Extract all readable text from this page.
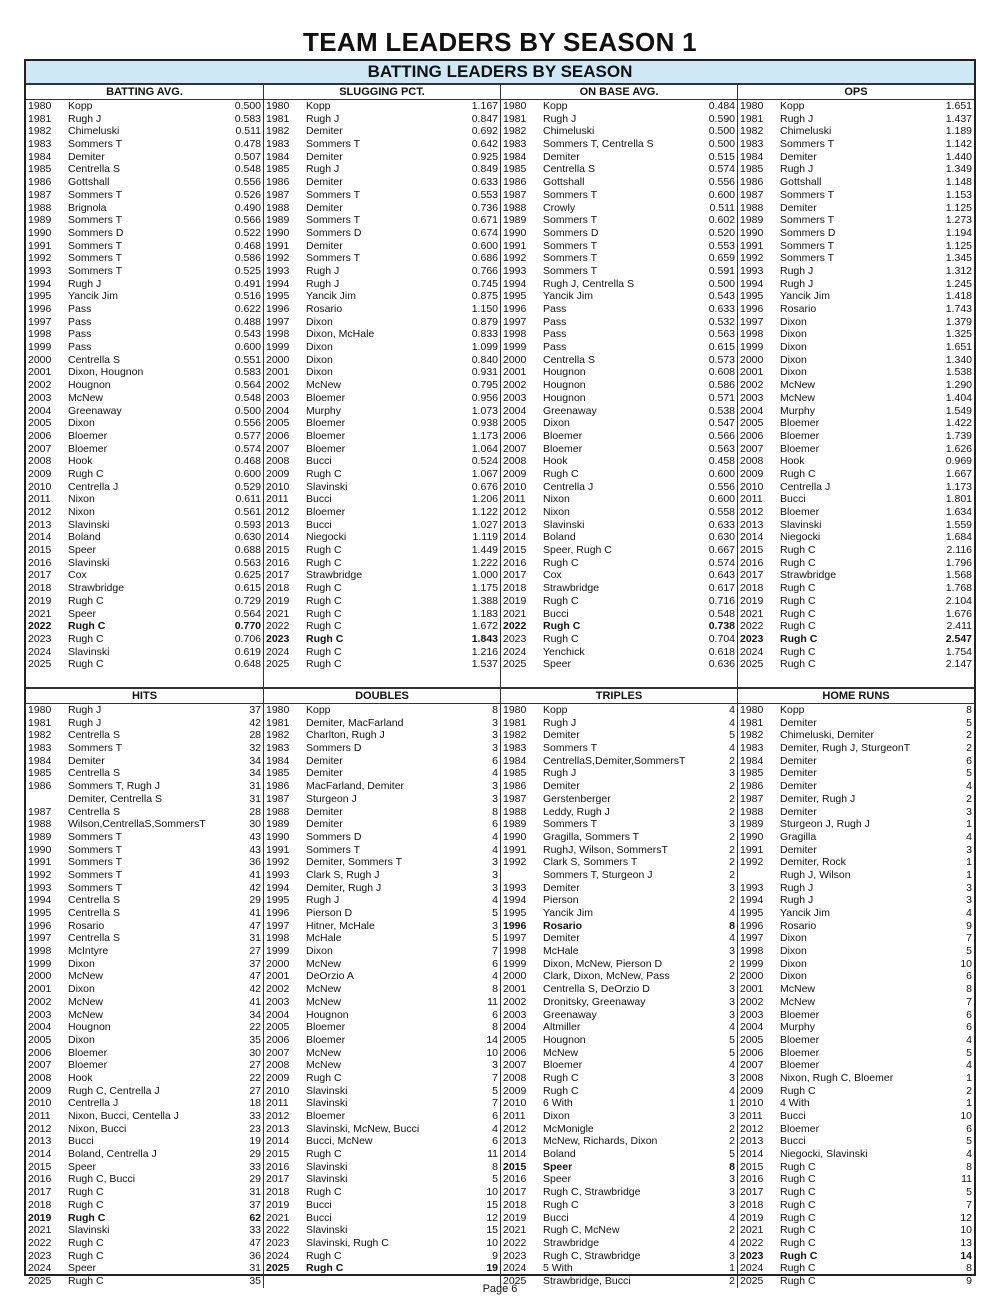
TEAM LEADERS BY SEASON 1
BATTING LEADERS BY SEASON
BATTING AVG.
1980	Kopp	0.500
1981	Rugh J	0.583
1982	Chimeluski	0.511
1983	Sommers T	0.478
1984	Demiter	0.507
1985	Centrella S	0.548
1986	Gottshall	0.556
1987	Sommers T	0.526
1988	Brignola	0.490
1989	Sommers T	0.566
1990	Sommers D	0.522
1991	Sommers T	0.468
1992	Sommers T	0.586
1993	Sommers T	0.525
1994	Rugh J	0.491
1995	Yancik Jim	0.516
1996	Pass	0.622
1997	Pass	0.488
1998	Pass	0.543
1999	Pass	0.600
2000	Centrella S	0.551
2001	Dixon, Hougnon	0.583
2002	Hougnon	0.564
2003	McNew	0.548
2004	Greenaway	0.500
2005	Dixon	0.556
2006	Bloemer	0.577
2007	Bloemer	0.574
2008	Hook	0.468
2009	Rugh C	0.600
2010	Centrella J	0.529
2011	Nixon	0.611
2012	Nixon	0.561
2013	Slavinski	0.593
2014	Boland	0.630
2015	Speer	0.688
2016	Slavinski	0.563
2017	Cox	0.625
2018	Strawbridge	0.615
2019	Rugh C	0.729
2021	Speer	0.564
2022	Rugh C	0.770
2023	Rugh C	0.706
2024	Slavinski	0.619
2025	Rugh C	0.648
SLUGGING PCT.
1980	Kopp	1.167
1981	Rugh J	0.847
1982	Demiter	0.692
1983	Sommers T	0.642
1984	Demiter	0.925
1985	Rugh J	0.849
1986	Demiter	0.633
1987	Sommers T	0.553
1988	Demiter	0.736
1989	Sommers T	0.671
1990	Sommers D	0.674
1991	Demiter	0.600
1992	Sommers T	0.686
1993	Rugh J	0.766
1994	Rugh J	0.745
1995	Yancik Jim	0.875
1996	Rosario	1.150
1997	Dixon	0.879
1998	Dixon, McHale	0.833
1999	Dixon	1.099
2000	Dixon	0.840
2001	Dixon	0.931
2002	McNew	0.795
2003	Bloemer	0.956
2004	Murphy	1.073
2005	Bloemer	0.938
2006	Bloemer	1.173
2007	Bloemer	1.064
2008	Bucci	0.524
2009	Rugh C	1.067
2010	Slavinski	0.676
2011	Bucci	1.206
2012	Bloemer	1.122
2013	Bucci	1.027
2014	Niegocki	1.119
2015	Rugh C	1.449
2016	Rugh C	1.222
2017	Strawbridge	1.000
2018	Rugh C	1.175
2019	Rugh C	1.388
2021	Rugh C	1.183
2022	Rugh C	1.672
2023	Rugh C	1.843
2024	Rugh C	1.216
2025	Rugh C	1.537
ON BASE AVG.
1980	Kopp	0.484
1981	Rugh J	0.590
1982	Chimeluski	0.500
1983	Sommers T, Centrella S	0.500
1984	Demiter	0.515
1985	Centrella S	0.574
1986	Gottshall	0.556
1987	Sommers T	0.600
1988	Crowly	0.511
1989	Sommers T	0.602
1990	Sommers D	0.520
1991	Sommers T	0.553
1992	Sommers T	0.659
1993	Sommers T	0.591
1994	Rugh J, Centrella S	0.500
1995	Yancik Jim	0.543
1996	Pass	0.633
1997	Pass	0.532
1998	Pass	0.563
1999	Pass	0.615
2000	Centrella S	0.573
2001	Hougnon	0.608
2002	Hougnon	0.586
2003	Hougnon	0.571
2004	Greenaway	0.538
2005	Dixon	0.547
2006	Bloemer	0.566
2007	Bloemer	0.563
2008	Hook	0.458
2009	Rugh C	0.600
2010	Centrella J	0.556
2011	Nixon	0.600
2012	Nixon	0.558
2013	Slavinski	0.633
2014	Boland	0.630
2015	Speer, Rugh C	0.667
2016	Rugh C	0.574
2017	Cox	0.643
2018	Strawbridge	0.617
2019	Rugh C	0.716
2021	Bucci	0.548
2022	Rugh C	0.738
2023	Rugh C	0.704
2024	Yenchick	0.618
2025	Speer	0.636
OPS
1980	Kopp	1.651
1981	Rugh J	1.437
1982	Chimeluski	1.189
1983	Sommers T	1.142
1984	Demiter	1.440
1985	Rugh J	1.349
1986	Gottshall	1.148
1987	Sommers T	1.153
1988	Demiter	1.125
1989	Sommers T	1.273
1990	Sommers D	1.194
1991	Sommers T	1.125
1992	Sommers T	1.345
1993	Rugh J	1.312
1994	Rugh J	1.245
1995	Yancik Jim	1.418
1996	Rosario	1.743
1997	Dixon	1.379
1998	Dixon	1.325
1999	Dixon	1.651
2000	Dixon	1.340
2001	Dixon	1.538
2002	McNew	1.290
2003	McNew	1.404
2004	Murphy	1.549
2005	Bloemer	1.422
2006	Bloemer	1.739
2007	Bloemer	1.626
2008	Hook	0.969
2009	Rugh C	1.667
2010	Centrella J	1.173
2011	Bucci	1.801
2012	Bloemer	1.634
2013	Slavinski	1.559
2014	Niegocki	1.684
2015	Rugh C	2.116
2016	Rugh C	1.796
2017	Strawbridge	1.568
2018	Rugh C	1.768
2019	Rugh C	2.104
2021	Rugh C	1.676
2022	Rugh C	2.411
2023	Rugh C	2.547
2024	Rugh C	1.754
2025	Rugh C	2.147
HITS
1980	Rugh J	37
1981	Rugh J	42
1982	Centrella S	28
1983	Sommers T	32
1984	Demiter	34
1985	Centrella S	34
1986	Sommers T, Rugh J	31
Demiter, Centrella S	31
1987	Centrella S	28
1988	Wilson,CentrellaS,SommersT	30
1989	Sommers T	43
1990	Sommers T	43
1991	Sommers T	36
1992	Sommers T	41
1993	Sommers T	42
1994	Centrella S	29
1995	Centrella S	41
1996	Rosario	47
1997	Centrella S	31
1998	McIntyre	27
1999	Dixon	37
2000	McNew	47
2001	Dixon	42
2002	McNew	41
2003	McNew	34
2004	Hougnon	22
2005	Dixon	35
2006	Bloemer	30
2007	Bloemer	27
2008	Hook	22
2009	Rugh C, Centrella J	27
2010	Centrella J	18
2011	Nixon, Bucci, Centella J	33
2012	Nixon, Bucci	23
2013	Bucci	19
2014	Boland, Centrella J	29
2015	Speer	33
2016	Rugh C, Bucci	29
2017	Rugh C	31
2018	Rugh C	37
2019	Rugh C	62
2021	Slavinski	33
2022	Rugh C	47
2023	Rugh C	36
2024	Speer	31
2025	Rugh C	35
DOUBLES
1980	Kopp	8
1981	Demiter, MacFarland	3
1982	Charlton, Rugh J	3
1983	Sommers D	3
1984	Demiter	6
1985	Demiter	4
1986	MacFarland, Demiter	3
1987	Sturgeon J	3
1988	Demiter	8
1989	Demiter	6
1990	Sommers D	4
1991	Sommers T	4
1992	Demiter, Sommers T	3
1993	Clark S, Rugh J	3
1994	Demiter, Rugh J	3
1995	Rugh J	4
1996	Pierson D	5
1997	Hitner, McHale	3
1998	McHale	5
1999	Dixon	7
2000	McNew	6
2001	DeOrzio A	4
2002	McNew	8
2003	McNew	11
2004	Hougnon	6
2005	Bloemer	8
2006	Bloemer	14
2007	McNew	10
2008	McNew	3
2009	Rugh C	7
2010	Slavinski	5
2011	Slavinski	7
2012	Bloemer	6
2013	Slavinski, McNew, Bucci	4
2014	Bucci, McNew	6
2015	Rugh C	11
2016	Slavinski	8
2017	Slavinski	5
2018	Rugh C	10
2019	Bucci	15
2021	Bucci	12
2022	Slavinski	15
2023	Slavinski, Rugh C	10
2024	Rugh C	9
2025	Rugh C	19
TRIPLES
1980	Kopp	4
1981	Rugh J	4
1982	Demiter	5
1983	Sommers T	4
1984	CentrellaS,Demiter,SommersT	2
1985	Rugh J	3
1986	Demiter	2
1987	Gerstenberger	2
1988	Leddy, Rugh J	2
1989	Sommers T	3
1990	Gragilla, Sommers T	2
1991	RughJ, Wilson, SommersT	2
1992	Clark S, Sommers T	2
Sommers T, Sturgeon J	2
1993	Demiter	3
1994	Pierson	2
1995	Yancik Jim	4
1996	Rosario	8
1997	Demiter	4
1998	McHale	3
1999	Dixon, McNew, Pierson D	2
2000	Clark, Dixon, McNew, Pass	2
2001	Centrella S, DeOrzio D	3
2002	Dronitsky, Greenaway	3
2003	Greenaway	3
2004	Altmiller	4
2005	Hougnon	5
2006	McNew	5
2007	Bloemer	4
2008	Rugh C	3
2009	Rugh C	4
2010	6 With	1
2011	Dixon	3
2012	McMonigle	2
2013	McNew, Richards, Dixon	2
2014	Boland	5
2015	Speer	8
2016	Speer	3
2017	Rugh C, Strawbridge	3
2018	Rugh C	3
2019	Bucci	4
2021	Rugh C, McNew	2
2022	Strawbridge	4
2023	Rugh C, Strawbridge	3
2024	5 With	1
2025	Strawbridge, Bucci	2
HOME RUNS
1980	Kopp	8
1981	Demiter	5
1982	Chimeluski, Demiter	2
1983	Demiter, Rugh J, SturgeonT	2
1984	Demiter	6
1985	Demiter	5
1986	Demiter	4
1987	Demiter, Rugh J	2
1988	Demiter	3
1989	Sturgeon J, Rugh J	1
1990	Gragilla	4
1991	Demiter	3
1992	Demiter, Rock	1
Rugh J, Wilson	1
1993	Rugh J	3
1994	Rugh J	3
1995	Yancik Jim	4
1996	Rosario	9
1997	Dixon	7
1998	Dixon	5
1999	Dixon	10
2000	Dixon	6
2001	McNew	8
2002	McNew	7
2003	Bloemer	6
2004	Murphy	6
2005	Bloemer	4
2006	Bloemer	5
2007	Bloemer	4
2008	Nixon, Rugh C, Bloemer	1
2009	Rugh C	2
2010	4 With	1
2011	Bucci	10
2012	Bloemer	6
2013	Bucci	5
2014	Niegocki, Slavinski	4
2015	Rugh C	8
2016	Rugh C	11
2017	Rugh C	5
2018	Rugh C	7
2019	Rugh C	12
2021	Rugh C	10
2022	Rugh C	13
2023	Rugh C	14
2024	Rugh C	8
2025	Rugh C	9
Page 6
